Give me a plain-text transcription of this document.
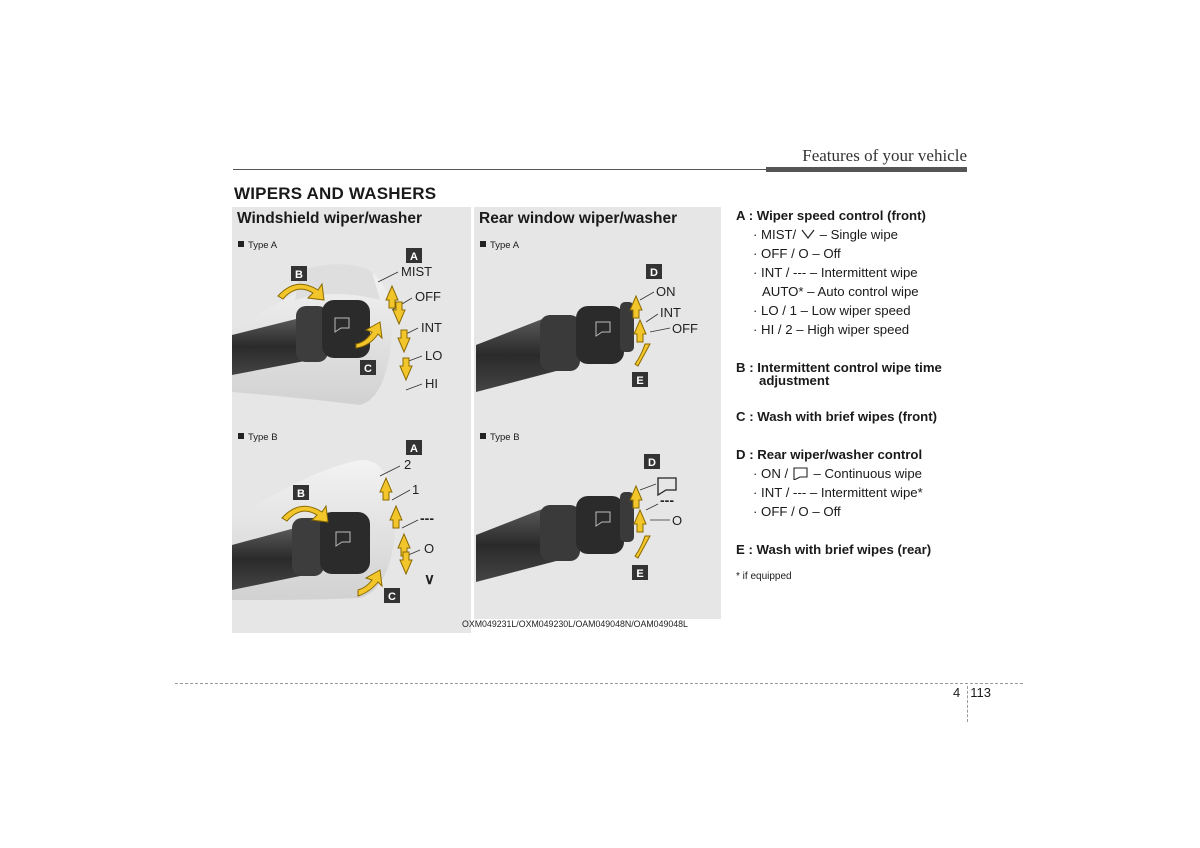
Features of your vehicle
WIPERS AND WASHERS
Windshield wiper/washer
Type A
Type B
Rear window wiper/washer
Type A
Type B
A
B
C
MIST
OFF
INT
LO
HI
A
B
C
2
1
---
O
∨
D
E
ON
INT
OFF
D
E
---
O
OXM049231L/OXM049230L/OAM049048N/OAM049048L
A : Wiper speed control (front)
· MIST/ – Single wipe
· OFF / O – Off
· INT / --- – Intermittent wipe
AUTO* – Auto control wipe
· LO / 1 – Low wiper speed
· HI / 2 – High wiper speed
B : Intermittent control wipe time
adjustment
C : Wash with brief wipes (front)
D : Rear wiper/washer control
· ON / – Continuous wipe
· INT / --- – Intermittent wipe*
· OFF / O – Off
E : Wash with brief wipes (rear)
* if equipped
4 113
